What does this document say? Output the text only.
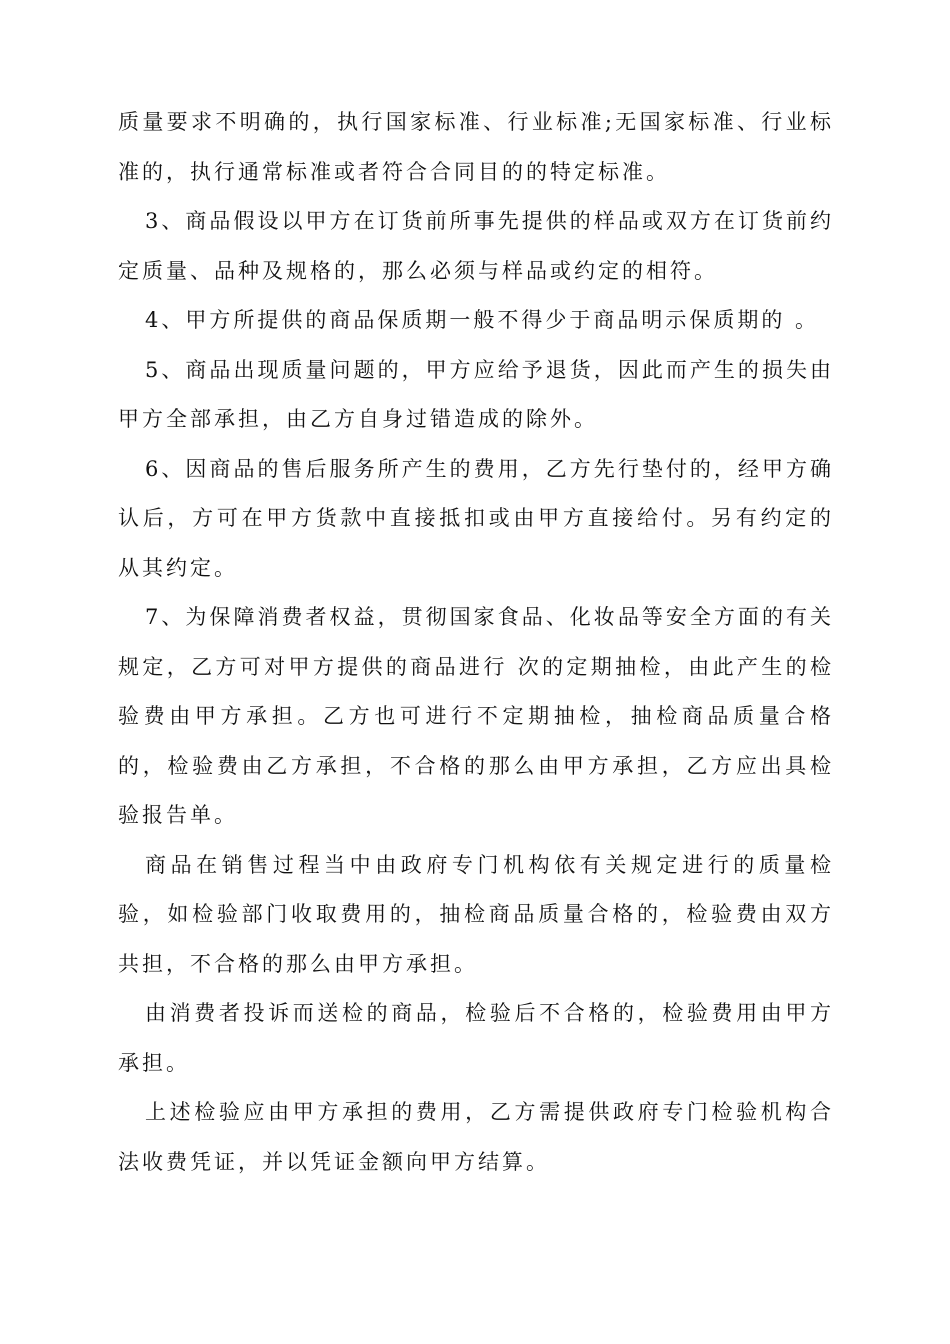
质量要求不明确的，执行国家标准、行业标准;无国家标准、行业标准的，执行通常标准或者符合合同目的的特定标准。

3、商品假设以甲方在订货前所事先提供的样品或双方在订货前约定质量、品种及规格的，那么必须与样品或约定的相符。

4、甲方所提供的商品保质期一般不得少于商品明示保质期的 。

5、商品出现质量问题的，甲方应给予退货，因此而产生的损失由甲方全部承担，由乙方自身过错造成的除外。

6、因商品的售后服务所产生的费用，乙方先行垫付的，经甲方确认后，方可在甲方货款中直接抵扣或由甲方直接给付。另有约定的从其约定。

7、为保障消费者权益，贯彻国家食品、化妆品等安全方面的有关规定，乙方可对甲方提供的商品进行 次的定期抽检，由此产生的检验费由甲方承担。乙方也可进行不定期抽检，抽检商品质量合格的，检验费由乙方承担，不合格的那么由甲方承担，乙方应出具检验报告单。

商品在销售过程当中由政府专门机构依有关规定进行的质量检验，如检验部门收取费用的，抽检商品质量合格的，检验费由双方共担，不合格的那么由甲方承担。

由消费者投诉而送检的商品，检验后不合格的，检验费用由甲方承担。

上述检验应由甲方承担的费用，乙方需提供政府专门检验机构合法收费凭证，并以凭证金额向甲方结算。
